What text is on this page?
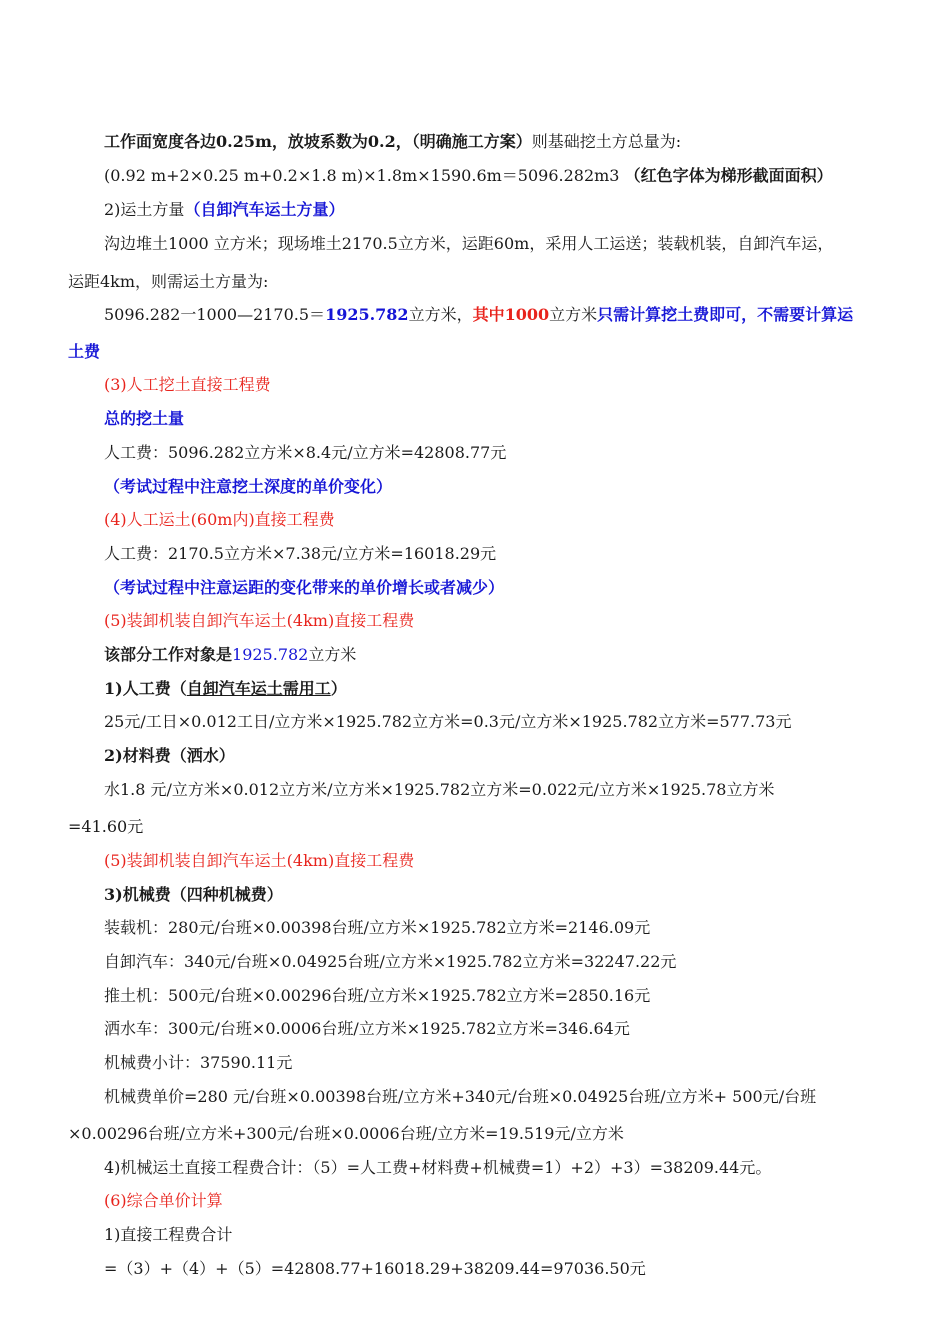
工作面宽度各边0.25m，放坡系数为0.2，（明确施工方案）则基础挖土方总量为:
(0.92 m+2×0.25 m+0.2×1.8 m)×1.8m×1590.6m＝5096.282m3 （红色字体为梯形截面面积）
2)运土方量（自卸汽车运土方量）
沟边堆土1000 立方米；现场堆土2170.5立方米，运距60m，采用人工运送；装载机装，自卸汽车运，
运距4km，则需运土方量为:
5096.282一1000—2170.5＝1925.782立方米，其中1000立方米只需计算挖土费即可，不需要计算运
土费
(3)人工挖土直接工程费
总的挖土量
人工费：5096.282立方米×8.4元/立方米=42808.77元
（考试过程中注意挖土深度的单价变化）
(4)人工运土(60m内)直接工程费
人工费：2170.5立方米×7.38元/立方米=16018.29元
（考试过程中注意运距的变化带来的单价增长或者减少）
(5)装卸机装自卸汽车运土(4km)直接工程费
该部分工作对象是1925.782立方米
1)人工费（自卸汽车运土需用工）
25元/工日×0.012工日/立方米×1925.782立方米=0.3元/立方米×1925.782立方米=577.73元
2)材料费（洒水）
水1.8 元/立方米×0.012立方米/立方米×1925.782立方米=0.022元/立方米×1925.78立方米
=41.60元
(5)装卸机装自卸汽车运土(4km)直接工程费
3)机械费（四种机械费）
装载机：280元/台班×0.00398台班/立方米×1925.782立方米=2146.09元
自卸汽车：340元/台班×0.04925台班/立方米×1925.782立方米=32247.22元
推土机：500元/台班×0.00296台班/立方米×1925.782立方米=2850.16元
洒水车：300元/台班×0.0006台班/立方米×1925.782立方米=346.64元
机械费小计：37590.11元
机械费单价=280 元/台班×0.00398台班/立方米+340元/台班×0.04925台班/立方米+ 500元/台班
×0.00296台班/立方米+300元/台班×0.0006台班/立方米=19.519元/立方米
4)机械运土直接工程费合计：（5）=人工费+材料费+机械费=1）+2）+3）=38209.44元。
(6)综合单价计算
1)直接工程费合计
=（3）+（4）+（5）=42808.77+16018.29+38209.44=97036.50元
